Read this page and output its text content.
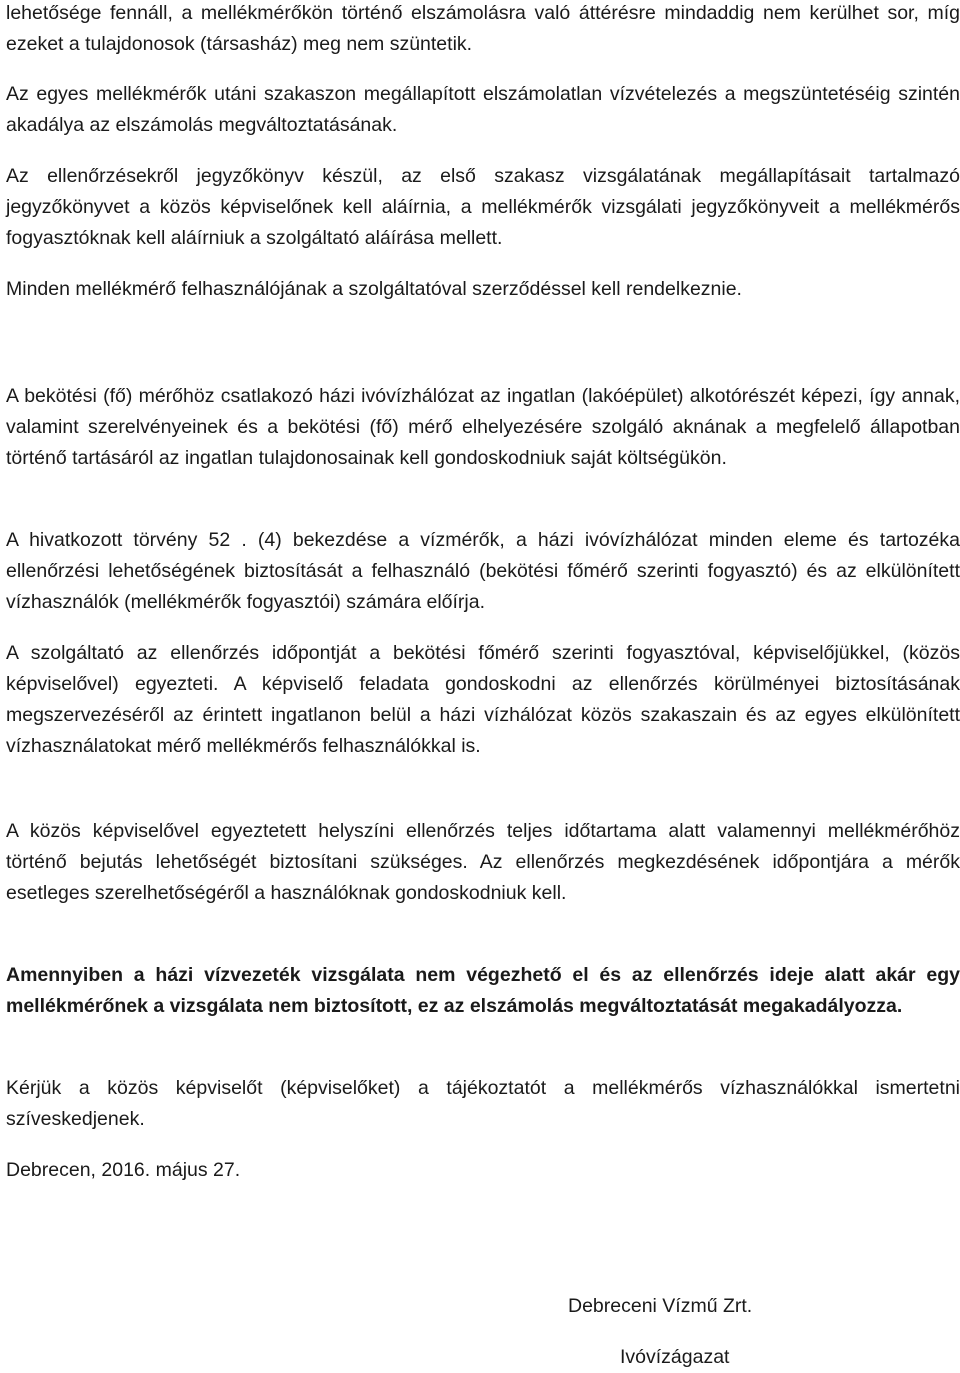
lehetősége fennáll, a mellékmérőkön történő elszámolásra való áttérésre mindaddig nem kerülhet sor, míg ezeket a tulajdonosok (társasház) meg nem szüntetik.

Az egyes mellékmérők utáni szakaszon megállapított elszámolatlan vízvételezés a megszüntetéséig szintén akadálya az elszámolás megváltoztatásának.

Az ellenőrzésekről jegyzőkönyv készül, az első szakasz vizsgálatának megállapításait tartalmazó jegyzőkönyvet a közös képviselőnek kell aláírnia, a mellékmérők vizsgálati jegyzőkönyveit a mellékmérős fogyasztóknak kell aláírniuk a szolgáltató aláírása mellett.

Minden mellékmérő felhasználójának a szolgáltatóval szerződéssel kell rendelkeznie.

A bekötési (fő) mérőhöz csatlakozó házi ivóvízhálózat az ingatlan (lakóépület) alkotórészét képezi, így annak, valamint szerelvényeinek és a bekötési (fő) mérő elhelyezésére szolgáló aknának a megfelelő állapotban történő tartásáról az ingatlan tulajdonosainak kell gondoskodniuk saját költségükön.

A hivatkozott törvény 52 . (4) bekezdése a vízmérők, a házi ivóvízhálózat minden eleme és tartozéka ellenőrzési lehetőségének biztosítását a felhasználó (bekötési főmérő szerinti fogyasztó) és az elkülönített vízhasználók (mellékmérők fogyasztói) számára előírja.

A szolgáltató az ellenőrzés időpontját a bekötési főmérő szerinti fogyasztóval, képviselőjükkel, (közös képviselővel) egyezteti. A képviselő feladata gondoskodni az ellenőrzés körülményei biztosításának megszervezéséről az érintett ingatlanon belül a házi vízhálózat közös szakaszain és az egyes elkülönített vízhasználatokat mérő mellékmérős felhasználókkal is.

A közös képviselővel egyeztetett helyszíni ellenőrzés teljes időtartama alatt valamennyi mellékmérőhöz történő bejutás lehetőségét biztosítani szükséges. Az ellenőrzés megkezdésének időpontjára a mérők esetleges szerelhetőségéről a használóknak gondoskodniuk kell.

Amennyiben a házi vízvezeték vizsgálata nem végezhető el és az ellenőrzés ideje alatt akár egy mellékmérőnek a vizsgálata nem biztosított, ez az elszámolás megváltoztatását megakadályozza.

Kérjük a közös képviselőt (képviselőket) a tájékoztatót a mellékmérős vízhasználókkal ismertetni szíveskedjenek.

Debrecen, 2016. május 27.

Debreceni Vízmű Zrt.
Ivóvízágazat
